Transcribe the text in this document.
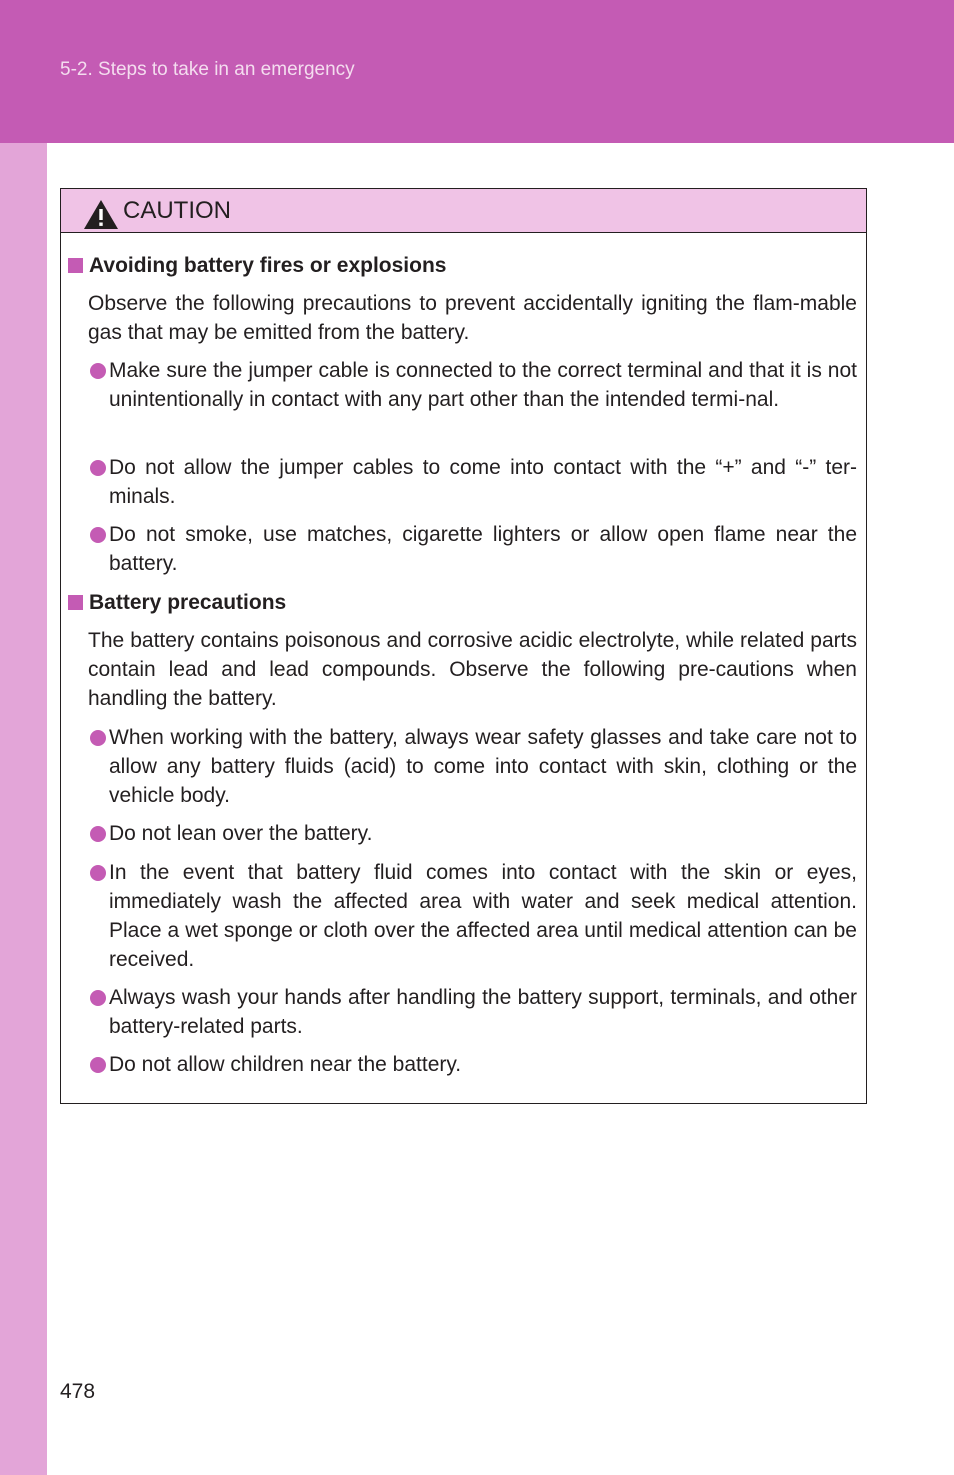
5-2. Steps to take in an emergency
CAUTION
Avoiding battery fires or explosions

Observe the following precautions to prevent accidentally igniting the flam-mable gas that may be emitted from the battery.

Make sure the jumper cable is connected to the correct terminal and that it is not unintentionally in contact with any part other than the intended termi-nal.
Do not allow the jumper cables to come into contact with the “+” and “-” ter-minals.
Do not smoke, use matches, cigarette lighters or allow open flame near the battery.
Battery precautions

The battery contains poisonous and corrosive acidic electrolyte, while related parts contain lead and lead compounds. Observe the following pre-cautions when handling the battery.

When working with the battery, always wear safety glasses and take care not to allow any battery fluids (acid) to come into contact with skin, clothing or the vehicle body.
Do not lean over the battery.
In the event that battery fluid comes into contact with the skin or eyes, immediately wash the affected area with water and seek medical attention. Place a wet sponge or cloth over the affected area until medical attention can be received.
Always wash your hands after handling the battery support, terminals, and other battery-related parts.
Do not allow children near the battery.
478
